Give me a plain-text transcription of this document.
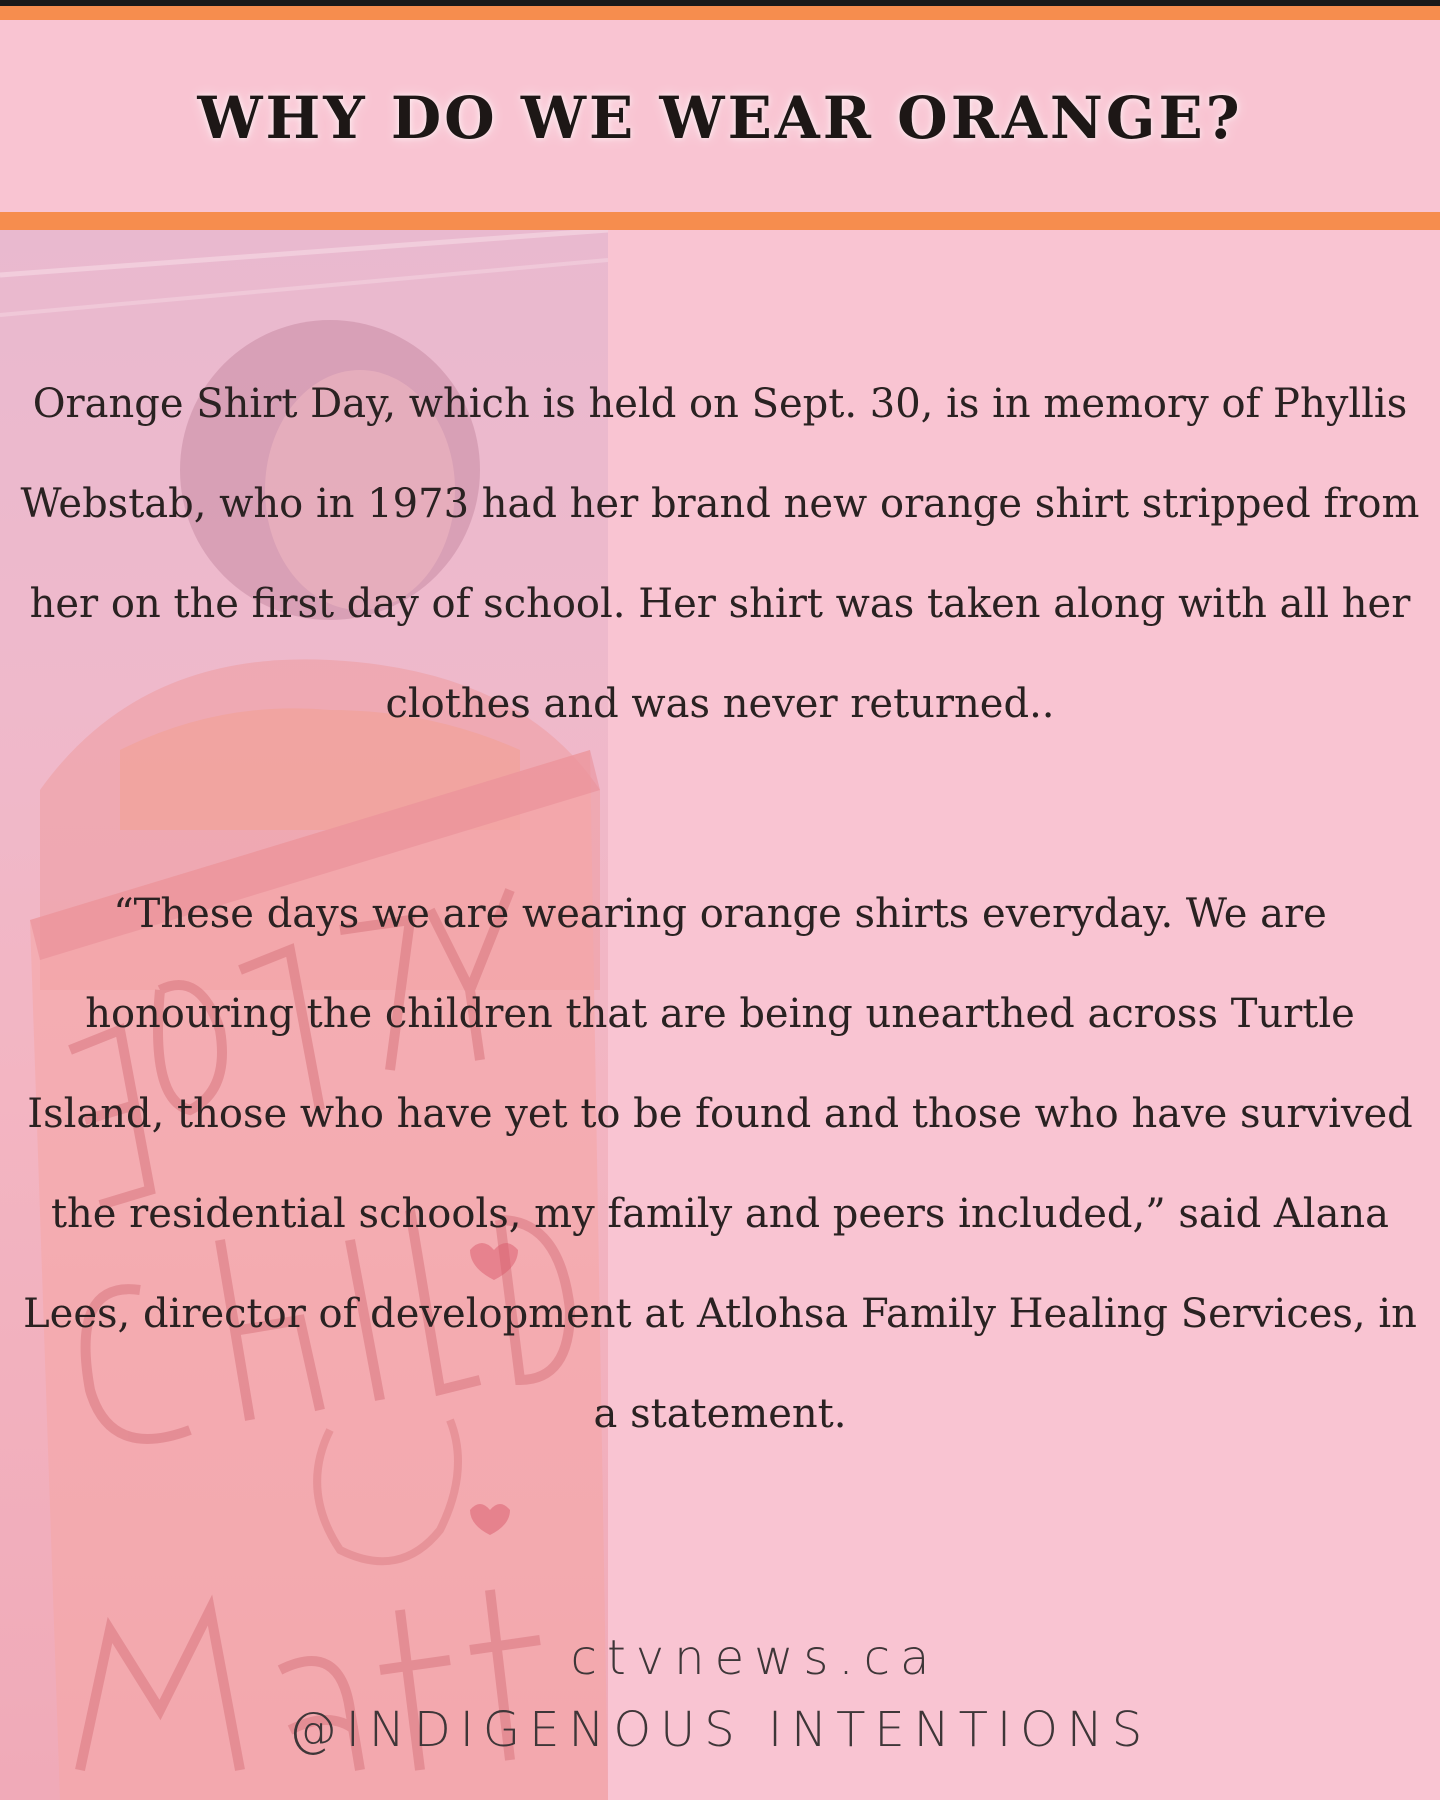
WHY DO WE WEAR ORANGE?

Orange Shirt Day, which is held on Sept. 30, is in memory of Phyllis Webstab, who in 1973 had her brand new orange shirt stripped from her on the first day of school. Her shirt was taken along with all her clothes and was never returned..

“These days we are wearing orange shirts everyday. We are honouring the children that are being unearthed across Turtle Island, those who have yet to be found and those who have survived the residential schools, my family and peers included,” said Alana Lees, director of development at Atlohsa Family Healing Services, in a statement.

ctvnews.ca
@INDIGENOUS INTENTIONS
